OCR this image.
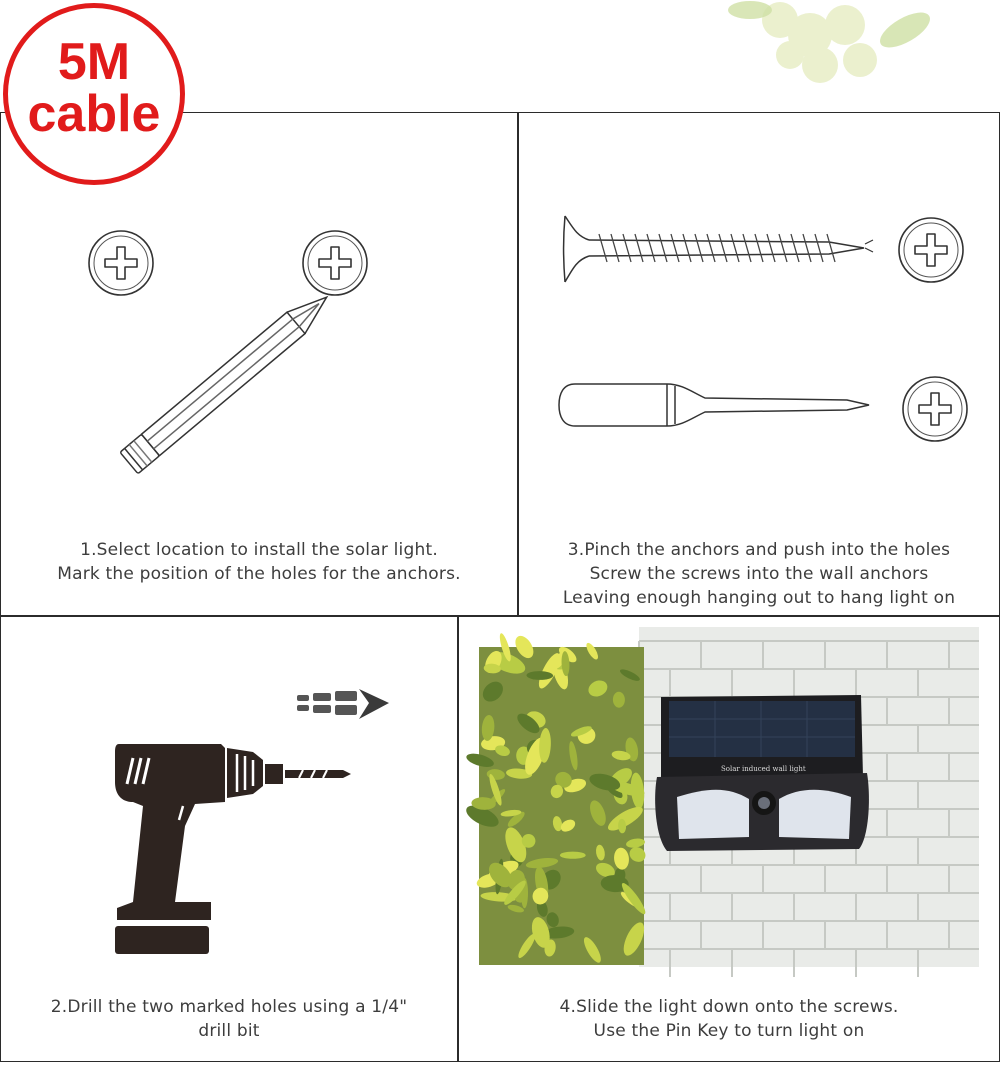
5M
cable
1.Select location to install the solar light.
Mark the position of the holes for the anchors.
3.Pinch the anchors and push into the holes
Screw the screws into the wall anchors
Leaving enough hanging out to hang light on
2.Drill the two marked holes using a 1/4"
drill bit
Solar induced wall light
4.Slide the light down onto the screws.
Use the Pin Key to turn light on
